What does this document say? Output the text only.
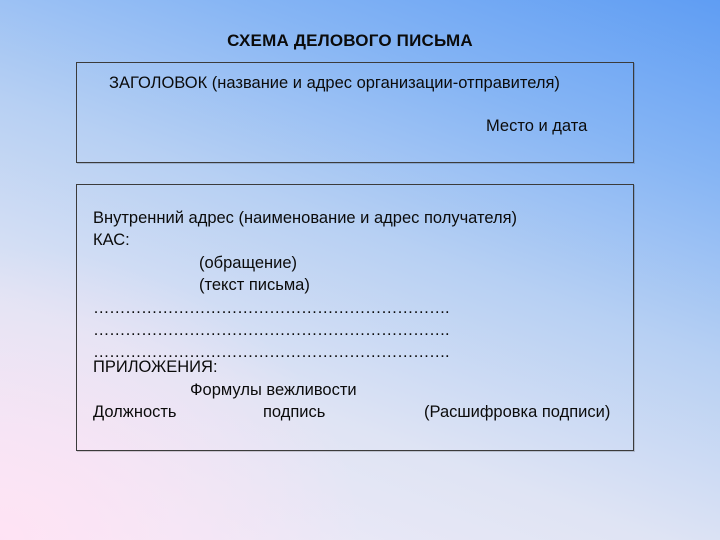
СХЕМА ДЕЛОВОГО ПИСЬМА
ЗАГОЛОВОК (название и адрес организации-отправителя)
Место и дата
Внутренний адрес (наименование и адрес получателя)
КАС:
(обращение)
(текст письма)
………………………………………………………….
………………………………………………………….
………………………………………………………….
ПРИЛОЖЕНИЯ:
Формулы вежливости
Должность	подпись	(Расшифровка подписи)
